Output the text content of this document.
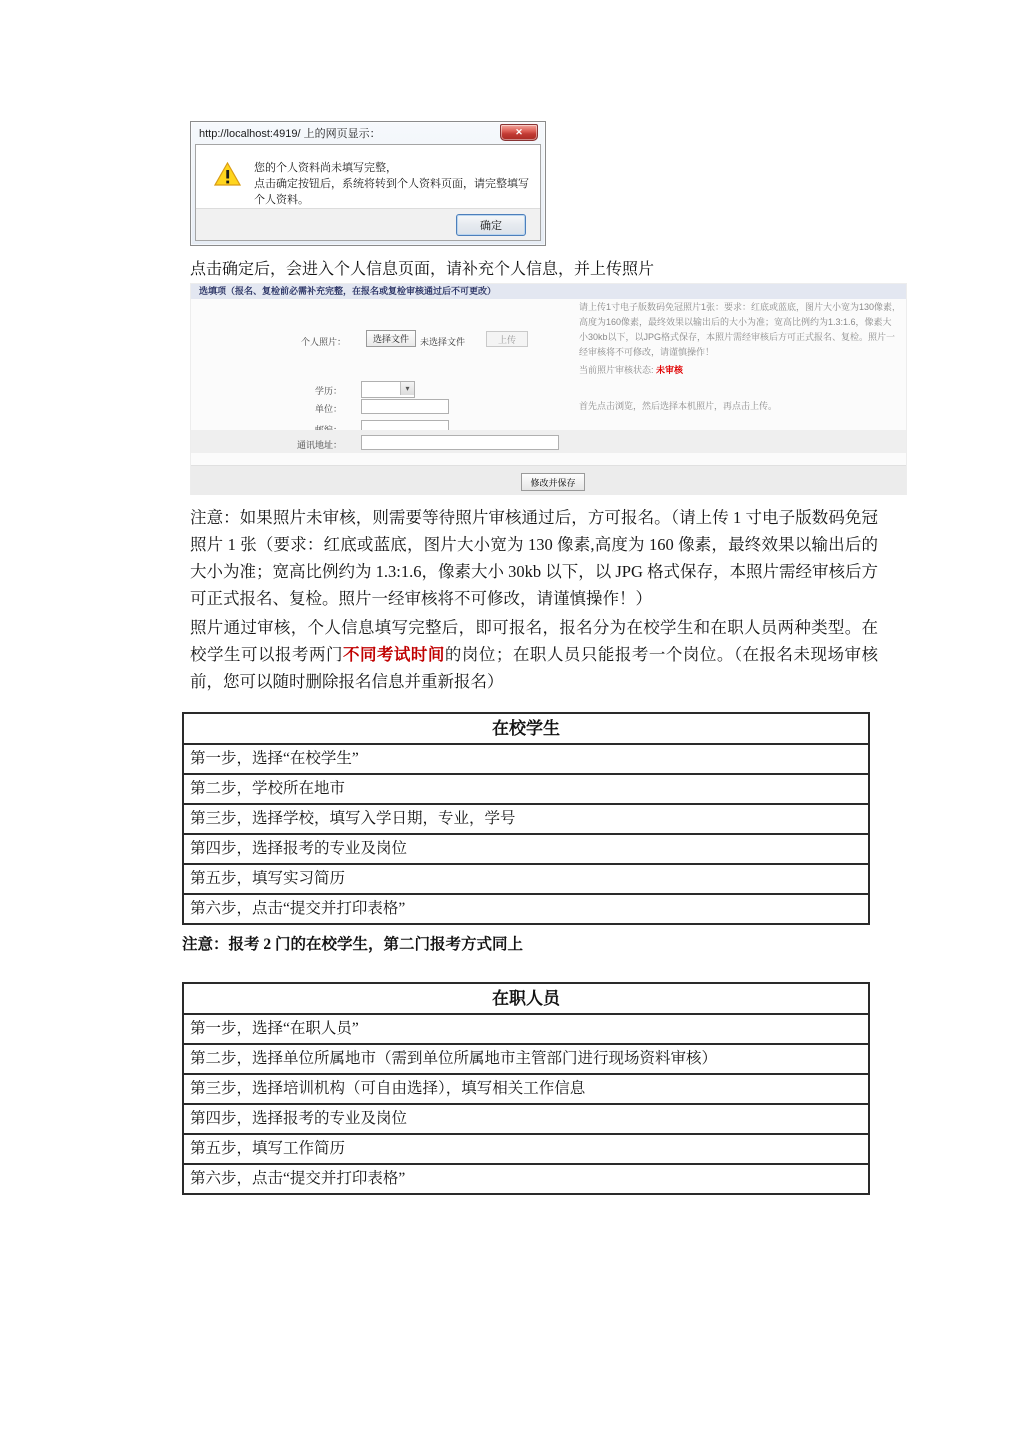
http://localhost:4919/ 上的网页显示：	✕
您的个人资料尚未填写完整，
点击确定按钮后，系统将转到个人资料页面，请完整填写个人资料。
确定
点击确定后，会进入个人信息页面，请补充个人信息，并上传照片
选填项（报名、复检前必需补充完整，在报名或复检审核通过后不可更改）
个人照片：	选择文件	未选择文件	上传
学历：	▾
单位：
通讯地址：
请上传1寸电子版数码免冠照片1张：要求：红底或蓝底，图片大小宽为130像素,高度为160像素，最终效果以输出后的大小为准；宽高比例约为1.3:1.6，像素大小30kb以下，以JPG格式保存，本照片需经审核后方可正式报名、复检。照片一经审核将不可修改，请谨慎操作！
当前照片审核状态: 未审核
首先点击浏览，然后选择本机照片，再点击上传。
修改并保存

注意：如果照片未审核，则需要等待照片审核通过后，方可报名。（请上传 1 寸电子版数码免冠照片 1 张（要求：红底或蓝底，图片大小宽为 130 像素,高度为 160 像素，最终效果以输出后的大小为准；宽高比例约为 1.3:1.6，像素大小 30kb 以下，以 JPG 格式保存，本照片需经审核后方可正式报名、复检。照片一经审核将不可修改，请谨慎操作！）

照片通过审核，个人信息填写完整后，即可报名，报名分为在校学生和在职人员两种类型。在校学生可以报考两门不同考试时间的岗位；在职人员只能报考一个岗位。（在报名未现场审核前，您可以随时删除报名信息并重新报名）

在校学生
第一步，选择“在校学生”
第二步，学校所在地市
第三步，选择学校，填写入学日期，专业，学号
第四步，选择报考的专业及岗位
第五步，填写实习简历
第六步，点击“提交并打印表格”
注意：报考 2 门的在校学生，第二门报考方式同上
在职人员
第一步，选择“在职人员”
第二步，选择单位所属地市（需到单位所属地市主管部门进行现场资料审核）
第三步，选择培训机构（可自由选择），填写相关工作信息
第四步，选择报考的专业及岗位
第五步，填写工作简历
第六步，点击“提交并打印表格”
